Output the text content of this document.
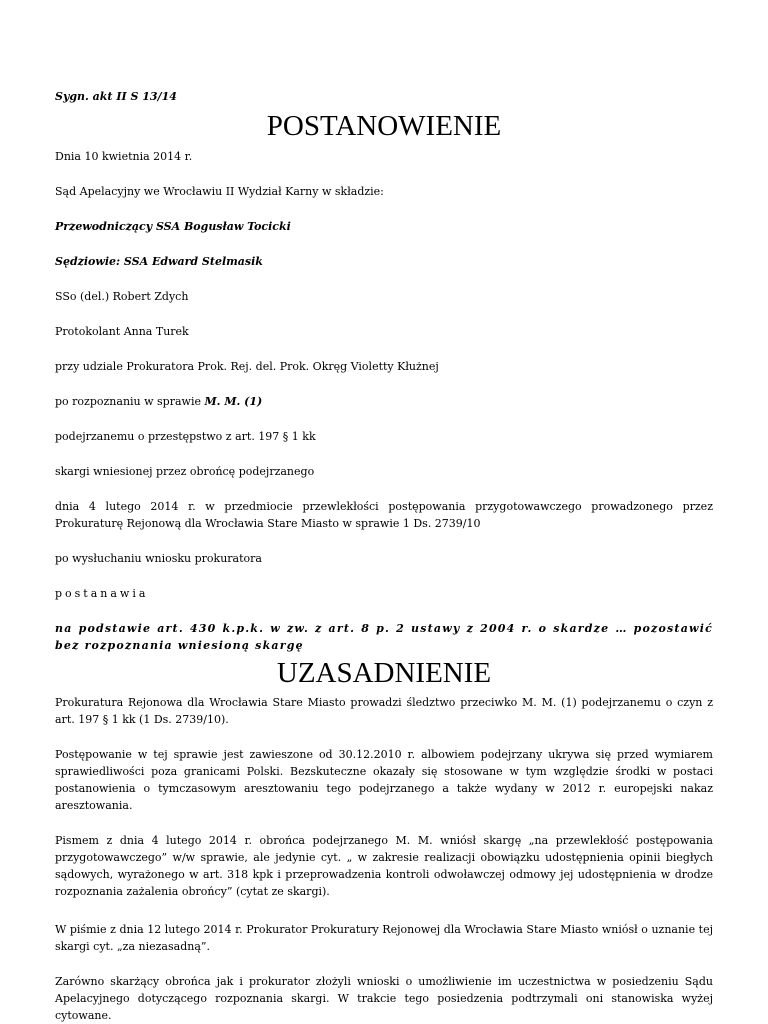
Sygn. akt II S 13/14

POSTANOWIENIE

Dnia 10 kwietnia 2014 r.

Sąd Apelacyjny we Wrocławiu II Wydział Karny w składzie:

Przewodniczący SSA Bogusław Tocicki

Sędziowie: SSA Edward Stelmasik

SSo (del.) Robert Zdych

Protokolant Anna Turek

przy udziale Prokuratora Prok. Rej. del. Prok. Okręg Violetty Kłużnej

po rozpoznaniu w sprawie M. M. (1)

podejrzanemu o przestępstwo z art. 197 § 1 kk

skargi wniesionej przez obrońcę podejrzanego

dnia 4 lutego 2014 r. w przedmiocie przewlekłości postępowania przygotowawczego prowadzonego przez Prokuraturę Rejonową dla Wrocławia Stare Miasto w sprawie 1 Ds. 2739/10

po wysłuchaniu wniosku prokuratora

postanawia

na podstawie art. 430 k.p.k. w zw. z art. 8 p. 2 ustawy z 2004 r. o skardze … pozostawić bez rozpoznania wniesioną skargę

UZASADNIENIE

Prokuratura Rejonowa dla Wrocławia Stare Miasto prowadzi śledztwo przeciwko M. M. (1) podejrzanemu o czyn z art. 197 § 1 kk (1 Ds. 2739/10).

Postępowanie w tej sprawie jest zawieszone od 30.12.2010 r. albowiem podejrzany ukrywa się przed wymiarem sprawiedliwości poza granicami Polski. Bezskuteczne okazały się stosowane w tym względzie środki w postaci postanowienia o tymczasowym aresztowaniu tego podejrzanego a także wydany w 2012 r. europejski nakaz aresztowania.

Pismem z dnia 4 lutego 2014 r. obrońca podejrzanego M. M. wniósł skargę „na przewlekłość postępowania przygotowawczego” w/w sprawie, ale jedynie cyt. „ w zakresie realizacji obowiązku udostępnienia opinii biegłych sądowych, wyrażonego w art. 318 kpk i przeprowadzenia kontroli odwoławczej odmowy jej udostępnienia w drodze rozpoznania zażalenia obrońcy” (cytat ze skargi).

W piśmie z dnia 12 lutego 2014 r. Prokurator Prokuratury Rejonowej dla Wrocławia Stare Miasto wniósł o uznanie tej skargi cyt. „za niezasadną”.

Zarówno skarżący obrońca jak i prokurator złożyli wnioski o umożliwienie im uczestnictwa w posiedzeniu Sądu Apelacyjnego dotyczącego rozpoznania skargi. W trakcie tego posiedzenia podtrzymali oni stanowiska wyżej cytowane.
